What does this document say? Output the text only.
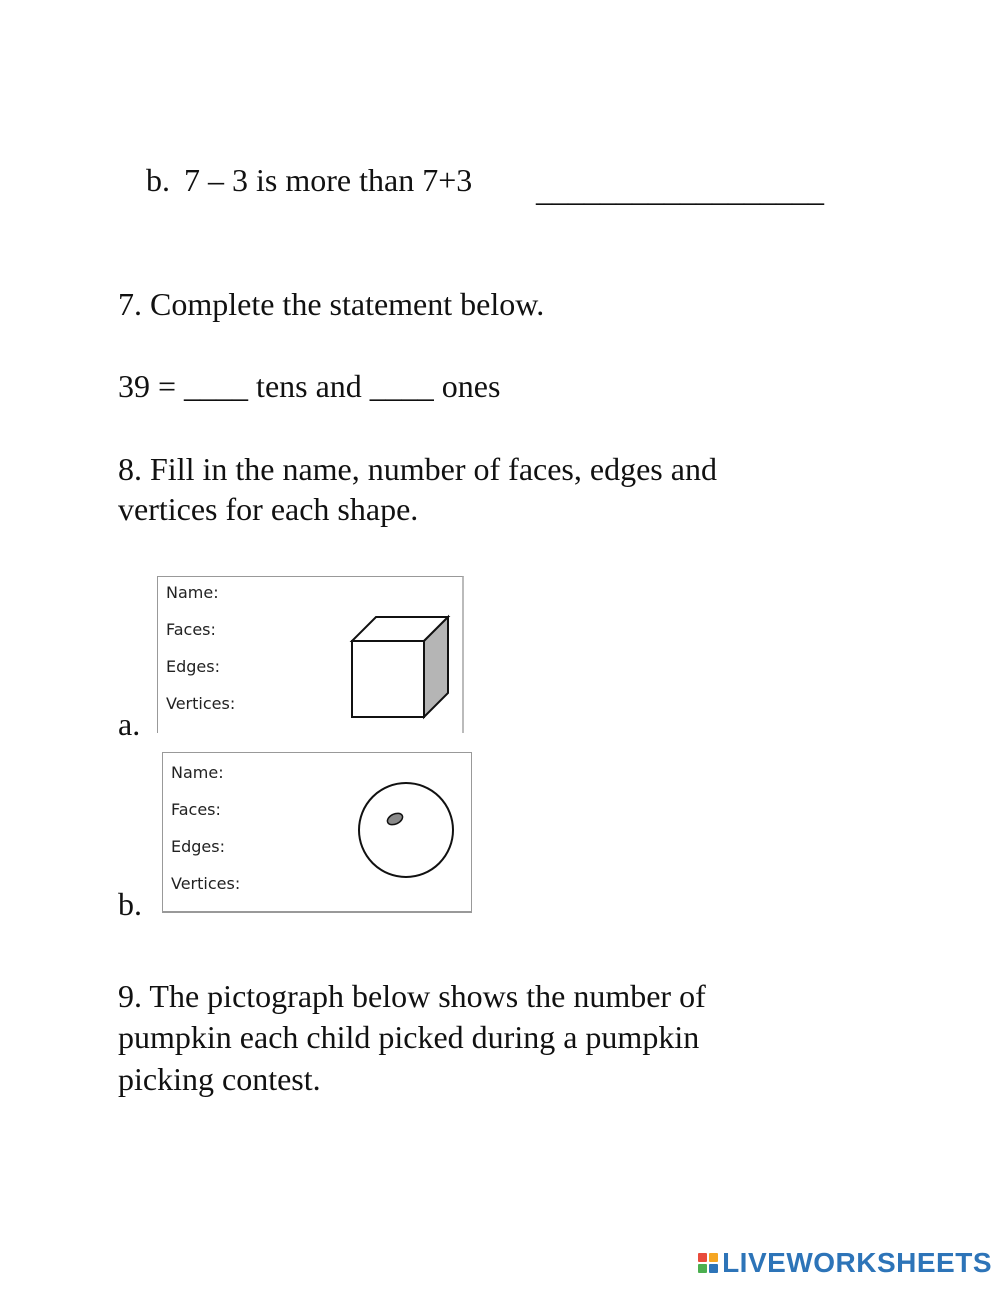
b. 7 – 3 is more than 7+3 __________________
7. Complete the statement below.
39 = ____ tens and ____ ones
8. Fill in the name, number of faces, edges and
vertices for each shape.
a.
Name:
Faces:
Edges:
Vertices:
b.
Name:
Faces:
Edges:
Vertices:
9. The pictograph below shows the number of
pumpkin each child picked during a pumpkin
picking contest.
LIVEWORKSHEETS
